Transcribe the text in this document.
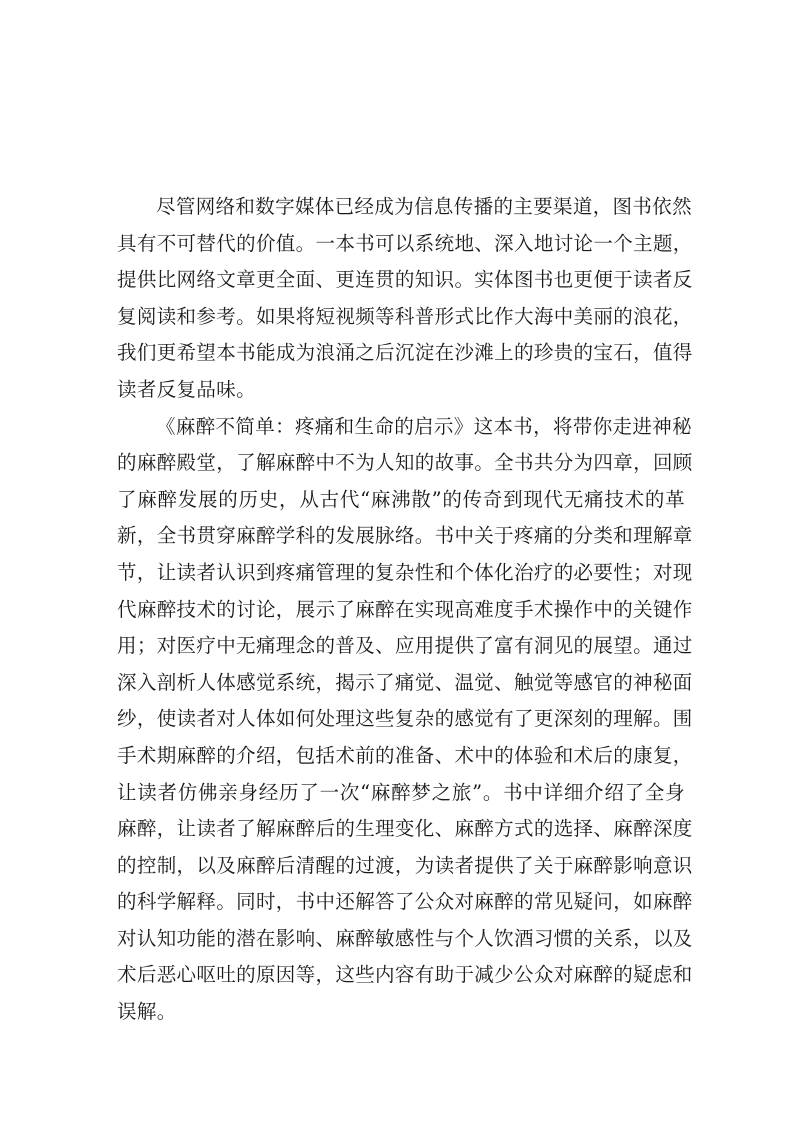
尽管网络和数字媒体已经成为信息传播的主要渠道，图书依然
具有不可替代的价值。一本书可以系统地、深入地讨论一个主题，
提供比网络文章更全面、更连贯的知识。实体图书也更便于读者反
复阅读和参考。如果将短视频等科普形式比作大海中美丽的浪花，
我们更希望本书能成为浪涌之后沉淀在沙滩上的珍贵的宝石，值得
读者反复品味。
《麻醉不简单：疼痛和生命的启示》这本书，将带你走进神秘
的麻醉殿堂，了解麻醉中不为人知的故事。全书共分为四章，回顾
了麻醉发展的历史，从古代“麻沸散”的传奇到现代无痛技术的革
新，全书贯穿麻醉学科的发展脉络。书中关于疼痛的分类和理解章
节，让读者认识到疼痛管理的复杂性和个体化治疗的必要性；对现
代麻醉技术的讨论，展示了麻醉在实现高难度手术操作中的关键作
用；对医疗中无痛理念的普及、应用提供了富有洞见的展望。通过
深入剖析人体感觉系统，揭示了痛觉、温觉、触觉等感官的神秘面
纱，使读者对人体如何处理这些复杂的感觉有了更深刻的理解。围
手术期麻醉的介绍，包括术前的准备、术中的体验和术后的康复，
让读者仿佛亲身经历了一次“麻醉梦之旅”。书中详细介绍了全身
麻醉，让读者了解麻醉后的生理变化、麻醉方式的选择、麻醉深度
的控制，以及麻醉后清醒的过渡，为读者提供了关于麻醉影响意识
的科学解释。同时，书中还解答了公众对麻醉的常见疑问，如麻醉
对认知功能的潜在影响、麻醉敏感性与个人饮酒习惯的关系，以及
术后恶心呕吐的原因等，这些内容有助于减少公众对麻醉的疑虑和
误解。
